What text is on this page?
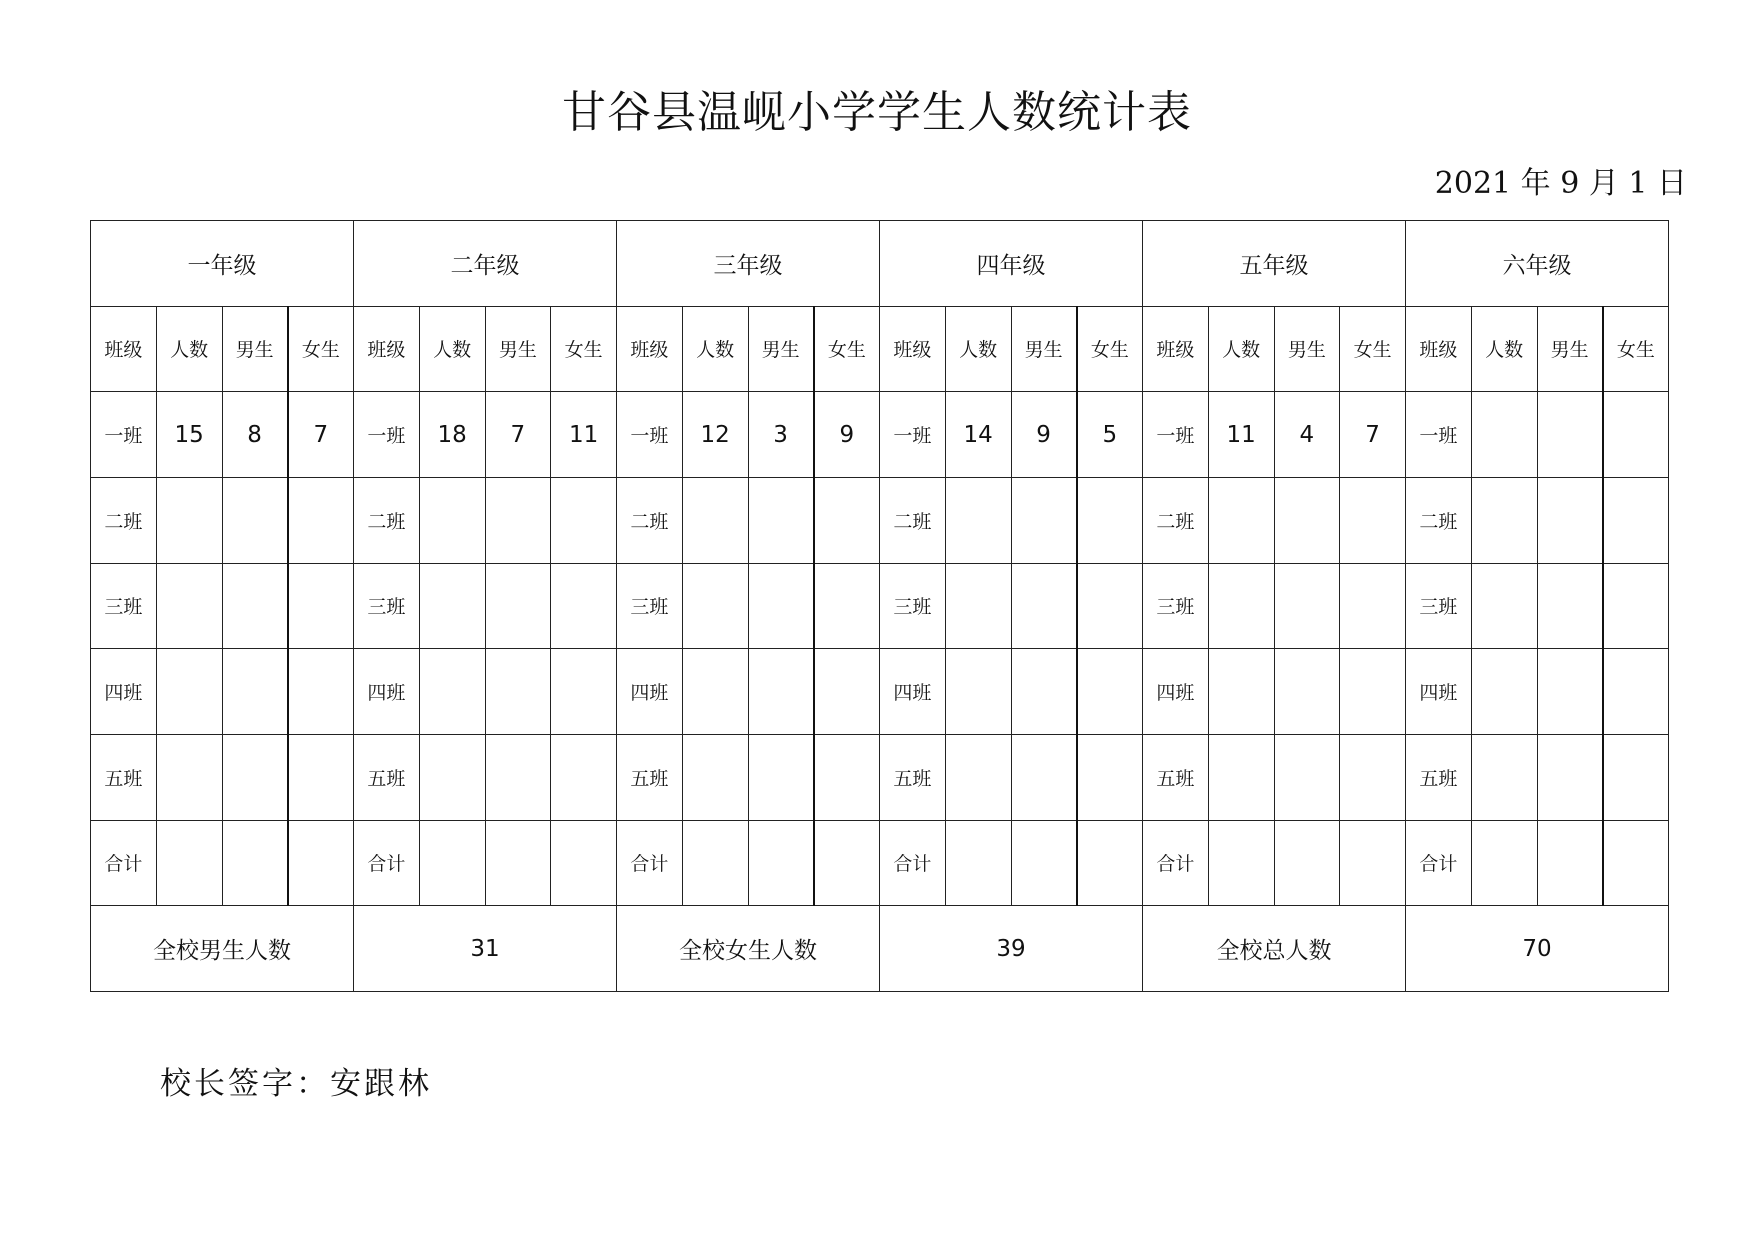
甘谷县温岘小学学生人数统计表
2021 年 9 月 1 日
一年级				二年级				三年级				四年级				五年级				六年级			
班级	人数	男生	女生	班级	人数	男生	女生	班级	人数	男生	女生	班级	人数	男生	女生	班级	人数	男生	女生	班级	人数	男生	女生
一班	15	8	7	一班	18	7	11	一班	12	3	9	一班	14	9	5	一班	11	4	7	一班			
二班				二班				二班				二班				二班				二班			
三班				三班				三班				三班				三班				三班			
四班				四班				四班				四班				四班				四班			
五班				五班				五班				五班				五班				五班			
合计				合计				合计				合计				合计				合计			
全校男生人数				31				全校女生人数				39				全校总人数				70			
校长签字：安跟林
